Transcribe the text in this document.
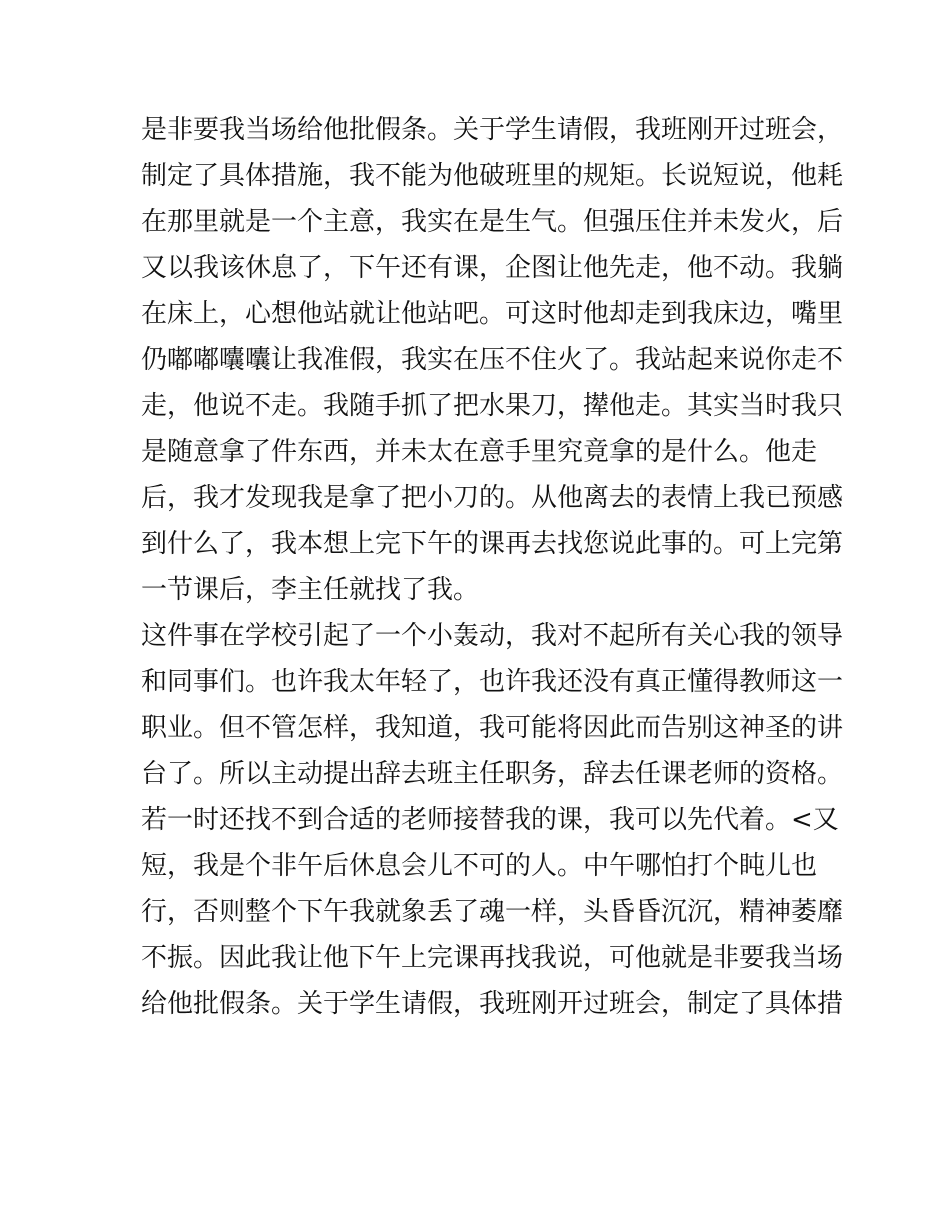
是非要我当场给他批假条。关于学生请假，我班刚开过班会，
制定了具体措施，我不能为他破班里的规矩。长说短说，他耗
在那里就是一个主意，我实在是生气。但强压住并未发火，后
又以我该休息了，下午还有课，企图让他先走，他不动。我躺
在床上，心想他站就让他站吧。可这时他却走到我床边，嘴里
仍嘟嘟囔囔让我准假，我实在压不住火了。我站起来说你走不
走，他说不走。我随手抓了把水果刀，撵他走。其实当时我只
是随意拿了件东西，并未太在意手里究竟拿的是什么。他走
后，我才发现我是拿了把小刀的。从他离去的表情上我已预感
到什么了，我本想上完下午的课再去找您说此事的。可上完第
一节课后，李主任就找了我。
这件事在学校引起了一个小轰动，我对不起所有关心我的领导
和同事们。也许我太年轻了，也许我还没有真正懂得教师这一
职业。但不管怎样，我知道，我可能将因此而告别这神圣的讲
台了。所以主动提出辞去班主任职务，辞去任课老师的资格。
若一时还找不到合适的老师接替我的课，我可以先代着。<又
短，我是个非午后休息会儿不可的人。中午哪怕打个盹儿也
行，否则整个下午我就象丢了魂一样，头昏昏沉沉，精神萎靡
不振。因此我让他下午上完课再找我说，可他就是非要我当场
给他批假条。关于学生请假，我班刚开过班会，制定了具体措
